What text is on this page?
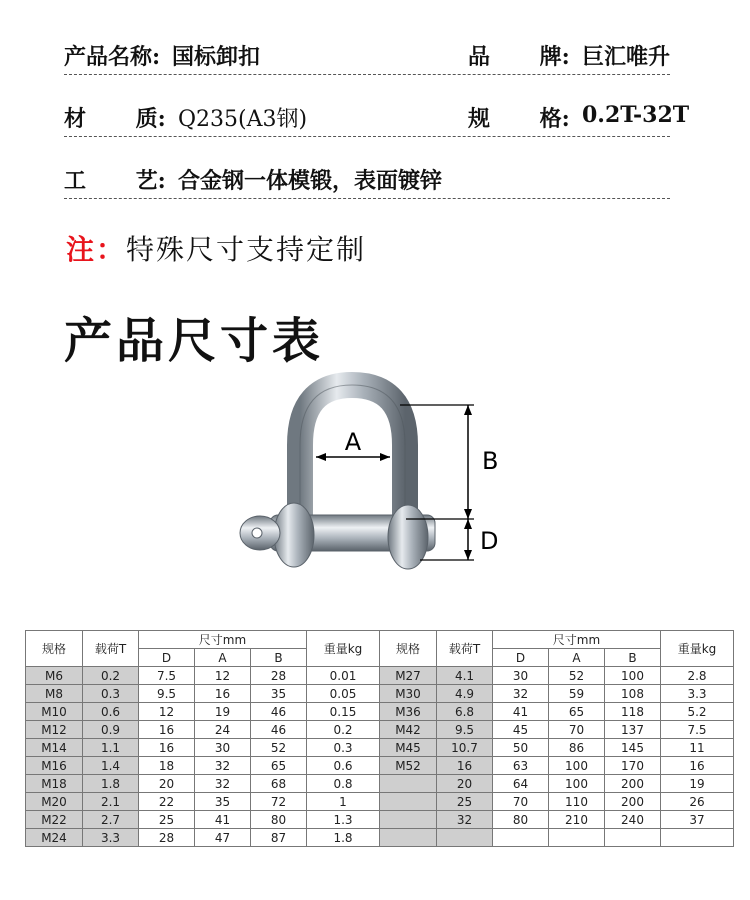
产品名称: 国标卸扣	品 牌: 巨汇唯升
材 质: Q235(A3钢)	规 格: 0.2T-32T
工 艺: 合金钢一体模锻，表面镀锌
注：特殊尺寸支持定制
产品尺寸表
A
B
D
规格	载荷T	尺寸mm			重量kg	规格	载荷T	尺寸mm			重量kg
		D	A	B				D	A	B	
M6	0.2	7.5	12	28	0.01	M27	4.1	30	52	100	2.8
M8	0.3	9.5	16	35	0.05	M30	4.9	32	59	108	3.3
M10	0.6	12	19	46	0.15	M36	6.8	41	65	118	5.2
M12	0.9	16	24	46	0.2	M42	9.5	45	70	137	7.5
M14	1.1	16	30	52	0.3	M45	10.7	50	86	145	11
M16	1.4	18	32	65	0.6	M52	16	63	100	170	16
M18	1.8	20	32	68	0.8		20	64	100	200	19
M20	2.1	22	35	72	1		25	70	110	200	26
M22	2.7	25	41	80	1.3		32	80	210	240	37
M24	3.3	28	47	87	1.8						
